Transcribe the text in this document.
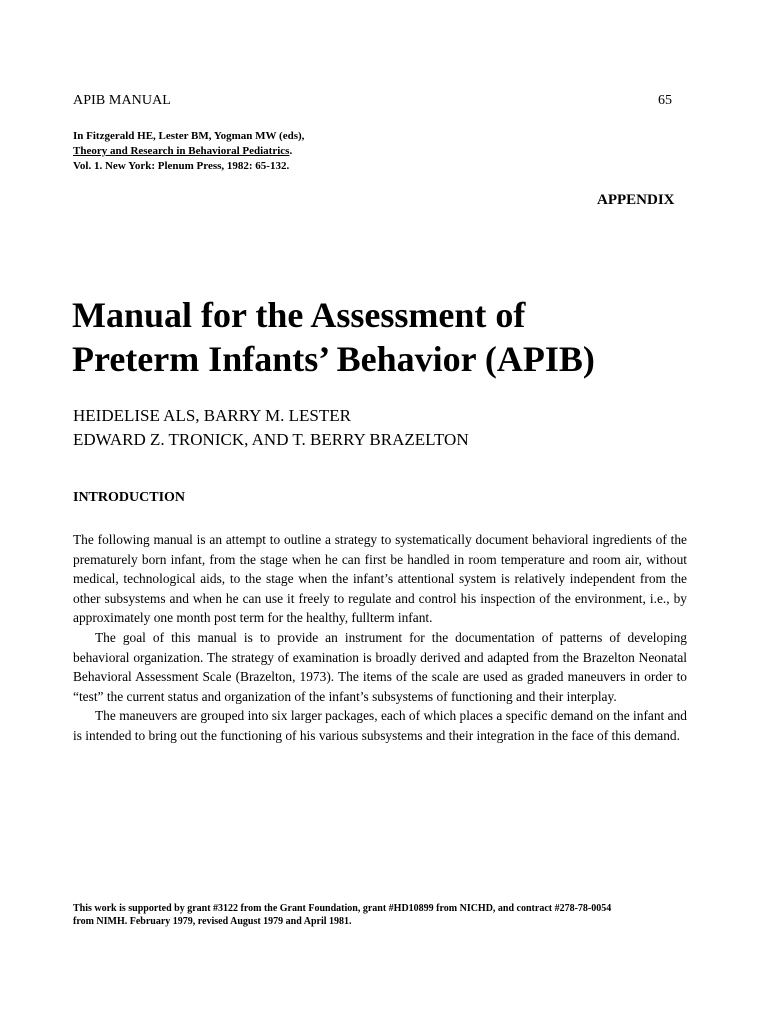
APIB MANUAL	65
In Fitzgerald HE, Lester BM, Yogman MW (eds),
Theory and Research in Behavioral Pediatrics.
Vol. 1. New York: Plenum Press, 1982: 65-132.
APPENDIX
Manual for the Assessment of
Preterm Infants’ Behavior (APIB)
HEIDELISE ALS, BARRY M. LESTER
EDWARD Z. TRONICK, AND T. BERRY BRAZELTON
INTRODUCTION

The following manual is an attempt to outline a strategy to systematically document behavioral ingredients of the prematurely born infant, from the stage when he can first be handled in room temperature and room air, without medical, technological aids, to the stage when the infant’s attentional system is relatively independent from the other subsystems and when he can use it freely to regulate and control his inspection of the environment, i.e., by approximately one month post term for the healthy, fullterm infant.

The goal of this manual is to provide an instrument for the documentation of patterns of developing behavioral organization. The strategy of examination is broadly derived and adapted from the Brazelton Neonatal Behavioral Assessment Scale (Brazelton, 1973). The items of the scale are used as graded maneuvers in order to “test” the current status and organization of the infant’s subsystems of functioning and their interplay.

The maneuvers are grouped into six larger packages, each of which places a specific demand on the infant and is intended to bring out the functioning of his various subsystems and their integration in the face of this demand.

This work is supported by grant #3122 from the Grant Foundation, grant #HD10899 from NICHD, and contract #278-78-0054
from NIMH. February 1979, revised August 1979 and April 1981.
